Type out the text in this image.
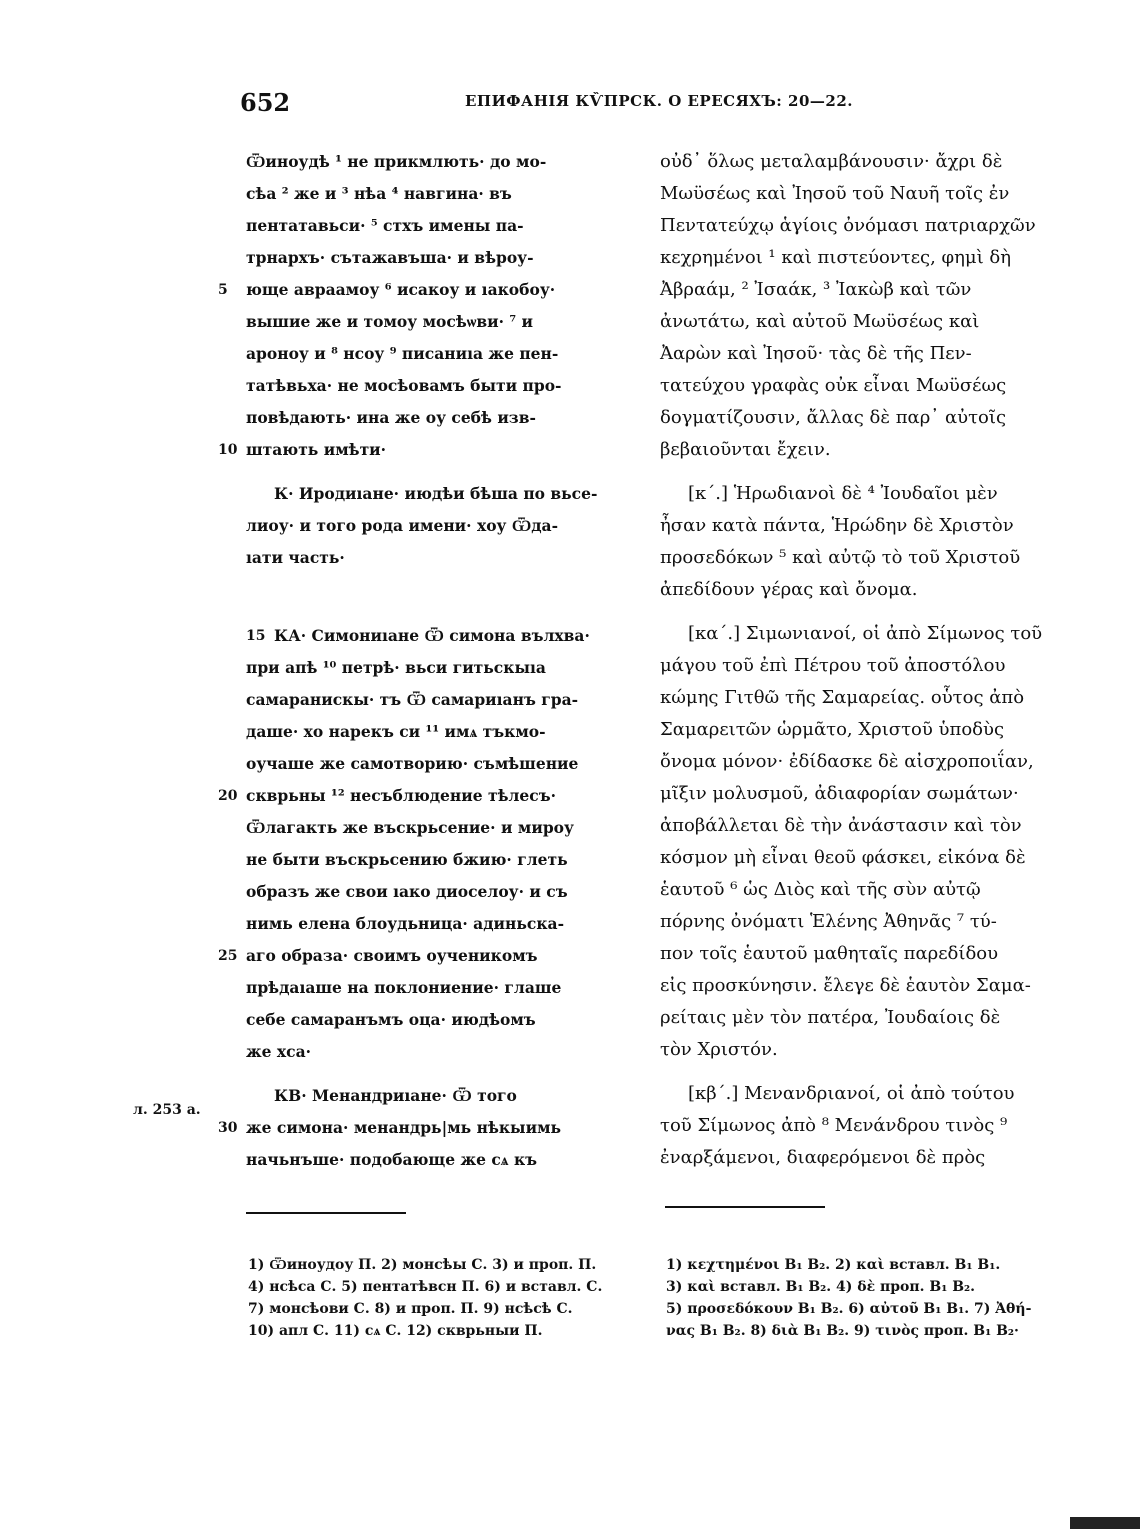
652	ЕПИФАНІЯ КѶПРСК. О ЕРЕСЯХЪ: 20—22.
Ѿиноудѣ ¹ не прикмлють· до мо-
сѣа ² же и ³ нѣа ⁴ навгина· въ
пентатавьси· ⁵ стхъ имены па-
трнархъ· сътажавъша· и вѣроу-
5	юще авраамоу ⁶ исакоу и ıакобоу·
вышие же и томоу мосѣѡви· ⁷ и
ароноу и ⁸ нсоу ⁹ писаниıа же пен-
татѣвьха· не мосѣовамъ быти про-
повѣдають· ина же оу себѣ изв-
10 штають имѣти·
К· Иродиıане· июдѣи бѣша по вьсе-
лиоу· и того рода имени· хоу Ѿда-
ıати часть·
15 КА· Симониıане Ѿ симона вълхва·
при апѣ ¹⁰ петрѣ· вьси гитьскыıа
самаранискы· тъ Ѿ самариıанъ гра-
даше· хо нарекъ си ¹¹ имѧ тъкмо-
оучаше же самотворию· съмѣшение
20 скврьны ¹² несъблюдение тѣлесъ·
Ѿлагакть же въскрьсение· и мироу
не быти въскрьсению бжию· глеть
образъ же свои ıако диоселоу· и съ
нимь елена блоудьница· адиньска-
25 аго образа· своимъ оученикомъ
прѣдаıаше на поклониение· глаше
себе самаранъмъ оца· июдѣомъ
же хса·
КВ· Менандриıане· Ѿ того
30 же симона· менандрь|мь нѣкыимь
начьнъше· подобающе же сѧ къ
οὐδ᾽ ὅλως μεταλαμβάνουσιν· ἄχρι δὲ
Μωϋσέως καὶ Ἰησοῦ τοῦ Ναυῆ τοῖς ἐν
Πεντατεύχῳ ἁγίοις ὀνόμασι πατριαρχῶν
κεχρημένοι ¹ καὶ πιστεύοντες, φημὶ δὴ
Ἀβραάμ, ² Ἰσαάκ, ³ Ἰακὼβ καὶ τῶν
ἀνωτάτω, καὶ αὐτοῦ Μωϋσέως καὶ
Ἀαρὼν καὶ Ἰησοῦ· τὰς δὲ τῆς Πεν-
τατεύχου γραφὰς οὐκ εἶναι Μωϋσέως
δογματίζουσιν, ἄλλας δὲ παρ᾽ αὐτοῖς
βεβαιοῦνται ἔχειν.
[κ΄.] Ἡρωδιανοὶ δὲ ⁴ Ἰουδαῖοι μὲν
ἦσαν κατὰ πάντα, Ἡρώδην δὲ Χριστὸν
προσεδόκων ⁵ καὶ αὐτῷ τὸ τοῦ Χριστοῦ
ἀπεδίδουν γέρας καὶ ὄνομα.
[κα΄.] Σιμωνιανοί, οἱ ἀπὸ Σίμωνος τοῦ
μάγου τοῦ ἐπὶ Πέτρου τοῦ ἀποστόλου
κώμης Γιτθῶ τῆς Σαμαρείας. οὗτος ἀπὸ
Σαμαρειτῶν ὡρμᾶτο, Χριστοῦ ὑποδὺς
ὄνομα μόνον· ἐδίδασκε δὲ αἰσχροποιΐαν,
μῖξιν μολυσμοῦ, ἀδιαφορίαν σωμάτων·
ἀποβάλλεται δὲ τὴν ἀνάστασιν καὶ τὸν
κόσμον μὴ εἶναι θεοῦ φάσκει, εἰκόνα δὲ
ἑαυτοῦ ⁶ ὡς Διὸς καὶ τῆς σὺν αὐτῷ
πόρνης ὀνόματι Ἑλένης Ἀθηνᾶς ⁷ τύ-
πον τοῖς ἑαυτοῦ μαθηταῖς παρεδίδου
εἰς προσκύνησιν. ἔλεγε δὲ ἑαυτὸν Σαμα-
ρείταις μὲν τὸν πατέρα, Ἰουδαίοις δὲ
τὸν Χριστόν.
[κβ΄.] Μενανδριανοί, οἱ ἀπὸ τούτου
τοῦ Σίμωνος ἀπὸ ⁸ Μενάνδρου τινὸς ⁹
ἐναρξάμενοι, διαφερόμενοι δὲ πρὸς
л. 253 а.
1) Ѿиноудоу П. 2) монсѣы С. 3) и проп. П.
4) нсѣса С. 5) пентатѣвсн П. 6) и вставл. С.
7) монсѣови С. 8) и проп. П. 9) нсѣсѣ С.
10) апл С. 11) сѧ С. 12) скврьныи П.
1) κεχτημένοι B₁ B₂. 2) καὶ вставл. B₁ B₁.
3) καὶ вставл. B₁ B₂. 4) δὲ проп. B₁ B₂.
5) προσεδόκουν B₁ B₂. 6) αὐτοῦ B₁ B₁. 7) Ἀθή-
νας B₁ B₂. 8) διὰ B₁ B₂. 9) τινὸς проп. B₁ B₂·
